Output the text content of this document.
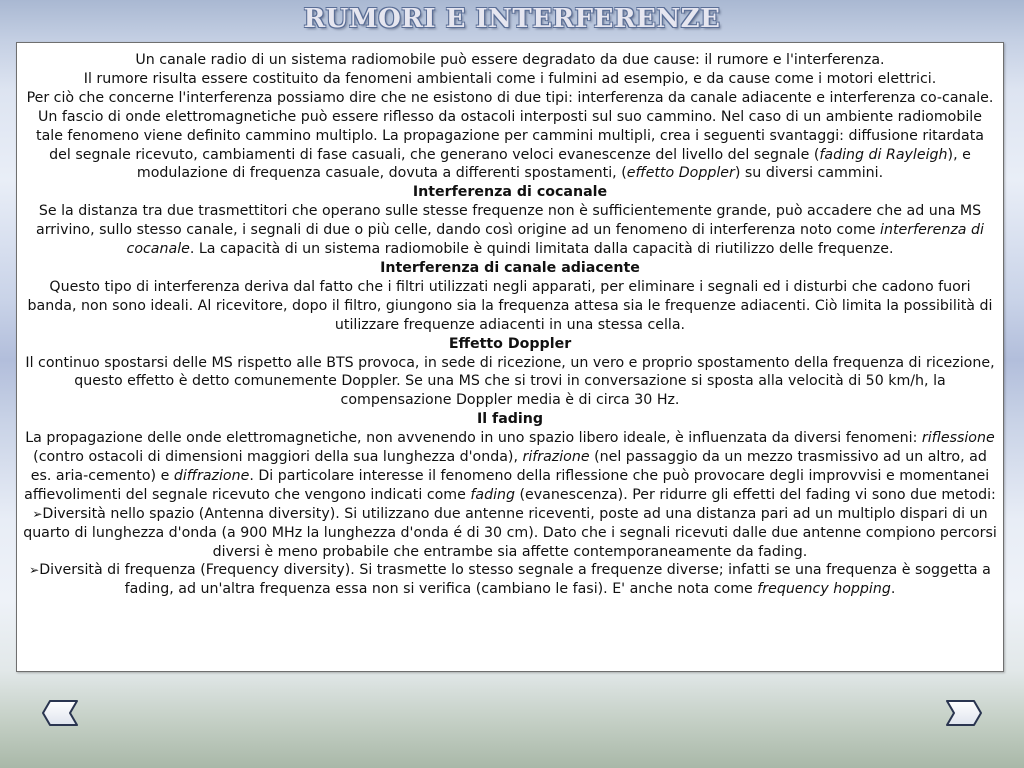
RUMORI E INTERFERENZE

Un canale radio di un sistema radiomobile può essere degradato da due cause: il rumore e l'interferenza.

Il rumore risulta essere costituito da fenomeni ambientali come i fulmini ad esempio, e da cause come i motori elettrici.

Per ciò che concerne l'interferenza possiamo dire che ne esistono di due tipi: interferenza da canale adiacente e interferenza co-canale.

Un fascio di onde elettromagnetiche può essere riflesso da ostacoli interposti sul suo cammino. Nel caso di un ambiente radiomobile tale fenomeno viene definito cammino multiplo. La propagazione per cammini multipli, crea i seguenti svantaggi: diffusione ritardata del segnale ricevuto, cambiamenti di fase casuali, che generano veloci evanescenze del livello del segnale (fading di Rayleigh), e modulazione di frequenza casuale, dovuta a differenti spostamenti, (effetto Doppler) su diversi cammini.

Interferenza di cocanale

Se la distanza tra due trasmettitori che operano sulle stesse frequenze non è sufficientemente grande, può accadere che ad una MS arrivino, sullo stesso canale, i segnali di due o più celle, dando così origine ad un fenomeno di interferenza noto come interferenza di cocanale. La capacità di un sistema radiomobile è quindi limitata dalla capacità di riutilizzo delle frequenze.

Interferenza di canale adiacente

Questo tipo di interferenza deriva dal fatto che i filtri utilizzati negli apparati, per eliminare i segnali ed i disturbi che cadono fuori banda, non sono ideali. Al ricevitore, dopo il filtro, giungono sia la frequenza attesa sia le frequenze adiacenti. Ciò limita la possibilità di utilizzare frequenze adiacenti in una stessa cella.

Effetto Doppler

Il continuo spostarsi delle MS rispetto alle BTS provoca, in sede di ricezione, un vero e proprio spostamento della frequenza di ricezione, questo effetto è detto comunemente Doppler. Se una MS che si trovi in conversazione si sposta alla velocità di 50 km/h, la compensazione Doppler media è di circa 30 Hz.

Il fading

La propagazione delle onde elettromagnetiche, non avvenendo in uno spazio libero ideale, è influenzata da diversi fenomeni: riflessione (contro ostacoli di dimensioni maggiori della sua lunghezza d'onda), rifrazione (nel passaggio da un mezzo trasmissivo ad un altro, ad es. aria-cemento) e diffrazione. Di particolare interesse il fenomeno della riflessione che può provocare degli improvvisi e momentanei affievolimenti del segnale ricevuto che vengono indicati come fading (evanescenza). Per ridurre gli effetti del fading vi sono due metodi:

➢Diversità nello spazio (Antenna diversity). Si utilizzano due antenne riceventi, poste ad una distanza pari ad un multiplo dispari di un quarto di lunghezza d'onda (a 900 MHz la lunghezza d'onda é di 30 cm). Dato che i segnali ricevuti dalle due antenne compiono percorsi diversi è meno probabile che entrambe sia affette contemporaneamente da fading.

➢Diversità di frequenza (Frequency diversity). Si trasmette lo stesso segnale a frequenze diverse; infatti se una frequenza è soggetta a fading, ad un'altra frequenza essa non si verifica (cambiano le fasi). E' anche nota come frequency hopping.
